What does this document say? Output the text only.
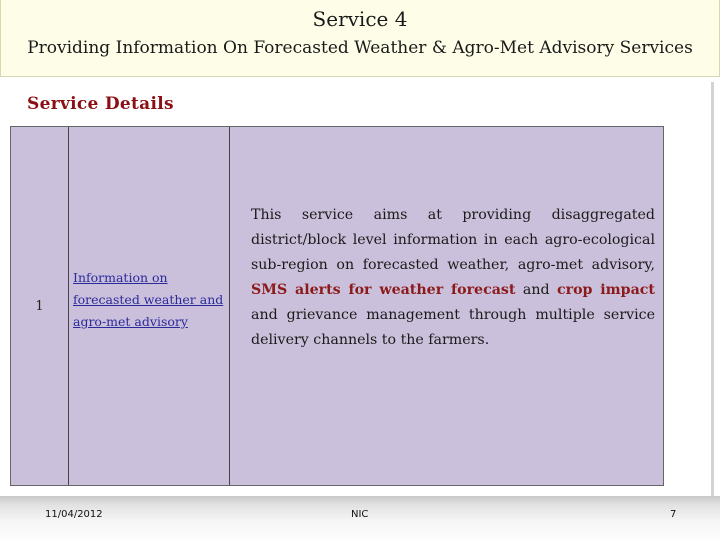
Service 4
Providing Information On Forecasted Weather & Agro-Met Advisory Services
Service Details
1
Information on forecasted weather and agro-met advisory
This service aims at providing disaggregated district/block level information in each agro-ecological sub-region on forecasted weather, agro-met advisory, SMS alerts for weather forecast and crop impact and grievance management through multiple service delivery channels to the farmers.
11/04/2012	NIC	7
